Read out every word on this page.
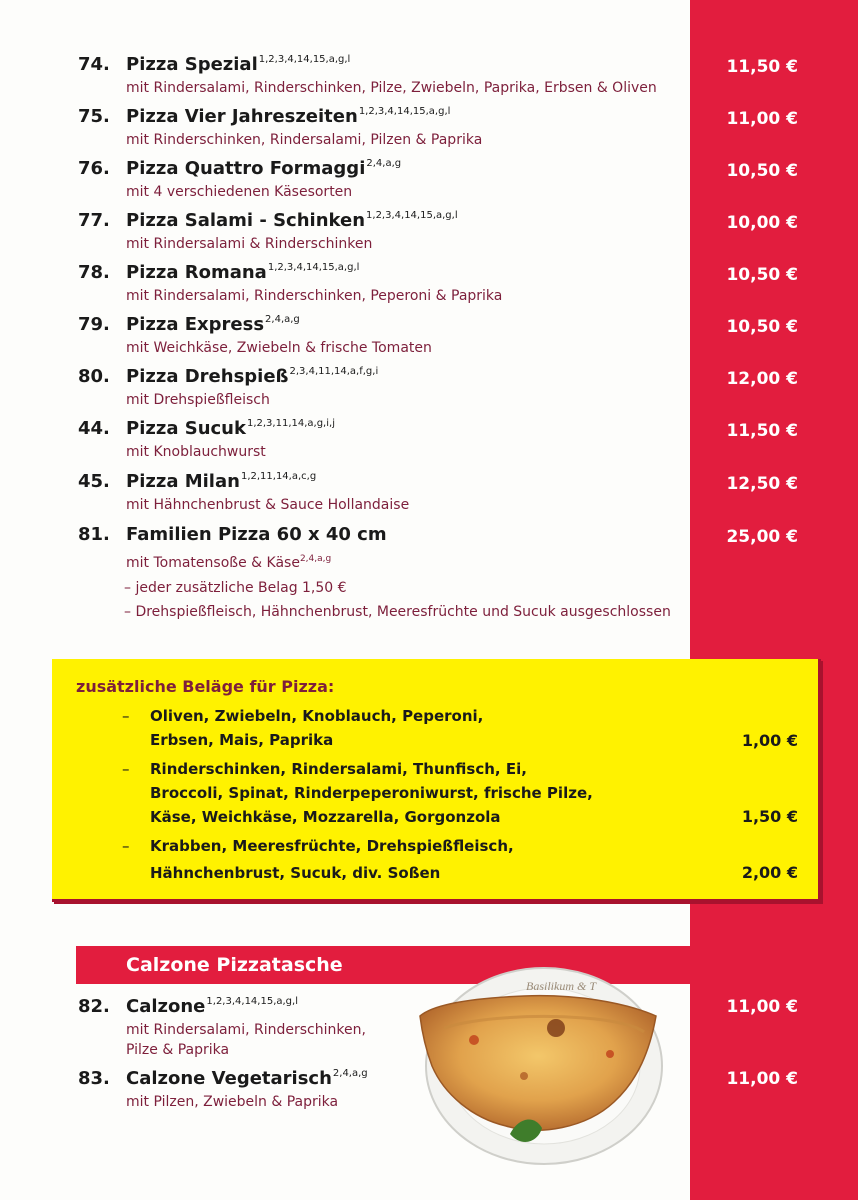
74. Pizza Spezial$^{1,2,3,4,14,15,a,g,l}$
mit Rindersalami, Rinderschinken, Pilze, Zwiebeln, Paprika, Erbsen & Oliven
11,50 €
75. Pizza Vier Jahreszeiten$^{1,2,3,4,14,15,a,g,l}$
mit Rinderschinken, Rindersalami, Pilzen & Paprika
11,00 €
76. Pizza Quattro Formaggi$^{2,4,a,g}$
mit 4 verschiedenen Käsesorten
10,50 €
77. Pizza Salami - Schinken$^{1,2,3,4,14,15,a,g,l}$
mit Rindersalami & Rinderschinken
10,00 €
78. Pizza Romana$^{1,2,3,4,14,15,a,g,l}$
mit Rindersalami, Rinderschinken, Peperoni & Paprika
10,50 €
79. Pizza Express$^{2,4,a,g}$
mit Weichkäse, Zwiebeln & frische Tomaten
10,50 €
80. Pizza Drehspieß$^{2,3,4,11,14,a,f,g,i}$
mit Drehspießfleisch
12,00 €
44. Pizza Sucuk$^{1,2,3,11,14,a,g,i,j}$
mit Knoblauchwurst
11,50 €
45. Pizza Milan$^{1,2,11,14,a,c,g}$
mit Hähnchenbrust & Sauce Hollandaise
12,50 €
81. Familien Pizza 60 x 40 cm	25,00 €
mit Tomatensoße & Käse$^{2,4,a,g}$
– jeder zusätzliche Belag 1,50 €
– Drehspießfleisch, Hähnchenbrust, Meeresfrüchte und Sucuk ausgeschlossen
zusätzliche Beläge für Pizza:
– Oliven, Zwiebeln, Knoblauch, Peperoni,
Erbsen, Mais, Paprika	1,00 €
– Rinderschinken, Rindersalami, Thunfisch, Ei,
Broccoli, Spinat, Rinderpeperoniwurst, frische Pilze,
Käse, Weichkäse, Mozzarella, Gorgonzola	1,50 €
– Krabben, Meeresfrüchte, Drehspießfleisch,
Hähnchenbrust, Sucuk, div. Soßen	2,00 €
Calzone Pizzatasche
Basilikum & T
82. Calzone$^{1,2,3,4,14,15,a,g,l}$
mit Rindersalami, Rinderschinken,
Pilze & Paprika
11,00 €
83. Calzone Vegetarisch$^{2,4,a,g}$
mit Pilzen, Zwiebeln & Paprika
11,00 €
